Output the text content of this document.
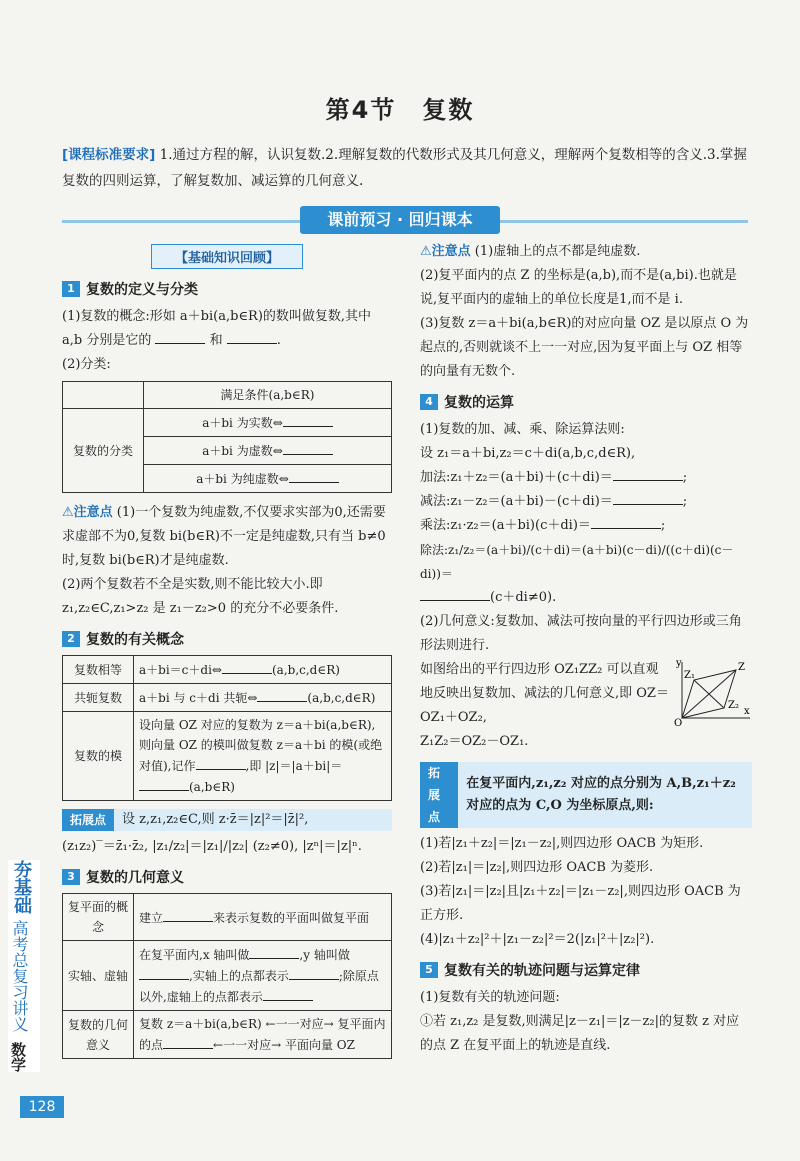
第4节　复数
[课程标准要求] 1.通过方程的解，认识复数.2.理解复数的代数形式及其几何意义，理解两个复数相等的含义.3.掌握复数的四则运算，了解复数加、减运算的几何意义.
课前预习 · 回归课本
【基础知识回顾】
1 复数的定义与分类

(1)复数的概念:形如 a＋bi(a,b∈R)的数叫做复数,其中 a,b 分别是它的	和	.

(2)分类:

	满足条件(a,b∈R)
复数的分类	a＋bi 为实数⇔
	a＋bi 为虚数⇔
	a＋bi 为纯虚数⇔

⚠注意点 (1)一个复数为纯虚数,不仅要求实部为0,还需要求虚部不为0,复数 bi(b∈R)不一定是纯虚数,只有当 b≠0 时,复数 bi(b∈R)才是纯虚数.

(2)两个复数若不全是实数,则不能比较大小.即 z₁,z₂∈C,z₁>z₂ 是 z₁－z₂>0 的充分不必要条件.

2 复数的有关概念
复数相等	a＋bi＝c＋di⇔ (a,b,c,d∈R)
共轭复数	a＋bi 与 c＋di 共轭⇔ (a,b,c,d∈R)
复数的模	设向量 OZ 对应的复数为 z＝a＋bi(a,b∈R),则向量 OZ 的模叫做复数 z＝a＋bi 的模(或绝对值),记作 ,即 |z|＝|a＋bi|＝(a,b∈R)
拓展点	设 z,z₁,z₂∈C,则 z·z̄＝|z|²＝|z̄|²,

(z₁z₂)‾＝z̄₁·z̄₂, |z₁/z₂|＝|z₁|/|z₂| (z₂≠0), |zⁿ|＝|z|ⁿ.

3 复数的几何意义
复平面的概念	建立 来表示复数的平面叫做复平面
实轴、虚轴	在复平面内,x 轴叫做 ,y 轴叫做,实轴上的点都表示 ;除原点以外,虚轴上的点都表示
复数的几何意义	复数 z＝a＋bi(a,b∈R) ←一一对应→ 复平面内的点 ←一一对应→ 平面向量 OZ

⚠注意点 (1)虚轴上的点不都是纯虚数.

(2)复平面内的点 Z 的坐标是(a,b),而不是(a,bi).也就是说,复平面内的虚轴上的单位长度是1,而不是 i.

(3)复数 z＝a＋bi(a,b∈R)的对应向量 OZ 是以原点 O 为起点的,否则就谈不上一一对应,因为复平面上与 OZ 相等的向量有无数个.

4 复数的运算

(1)复数的加、减、乘、除运算法则:

设 z₁＝a＋bi,z₂＝c＋di(a,b,c,d∈R),

加法:z₁＋z₂＝(a＋bi)＋(c＋di)＝	;

减法:z₁－z₂＝(a＋bi)－(c＋di)＝	;

乘法:z₁·z₂＝(a＋bi)(c＋di)＝	;

除法:z₁/z₂＝(a＋bi)/(c＋di)＝(a＋bi)(c－di)/((c＋di)(c－di))＝

(c＋di≠0).

(2)几何意义:复数加、减法可按向量的平行四边形或三角形法则进行.

y
x
O
Z
Z₁
Z₂

如图给出的平行四边形 OZ₁ZZ₂ 可以直观地反映出复数加、减法的几何意义,即 OZ＝OZ₁＋OZ₂,

Z₁Z₂＝OZ₂－OZ₁.

拓展点
在复平面内,z₁,z₂ 对应的点分别为 A,B,z₁＋z₂ 对应的点为 C,O 为坐标原点,则:

(1)若|z₁＋z₂|＝|z₁－z₂|,则四边形 OACB 为矩形.

(2)若|z₁|＝|z₂|,则四边形 OACB 为菱形.

(3)若|z₁|＝|z₂|且|z₁＋z₂|＝|z₁－z₂|,则四边形 OACB 为正方形.

(4)|z₁＋z₂|²＋|z₁－z₂|²＝2(|z₁|²＋|z₂|²).

5 复数有关的轨迹问题与运算定律

(1)复数有关的轨迹问题:

①若 z₁,z₂ 是复数,则满足|z－z₁|＝|z－z₂|的复数 z 对应的点 Z 在复平面上的轨迹是直线.

夯基础
高考总复习讲义
数学
128
